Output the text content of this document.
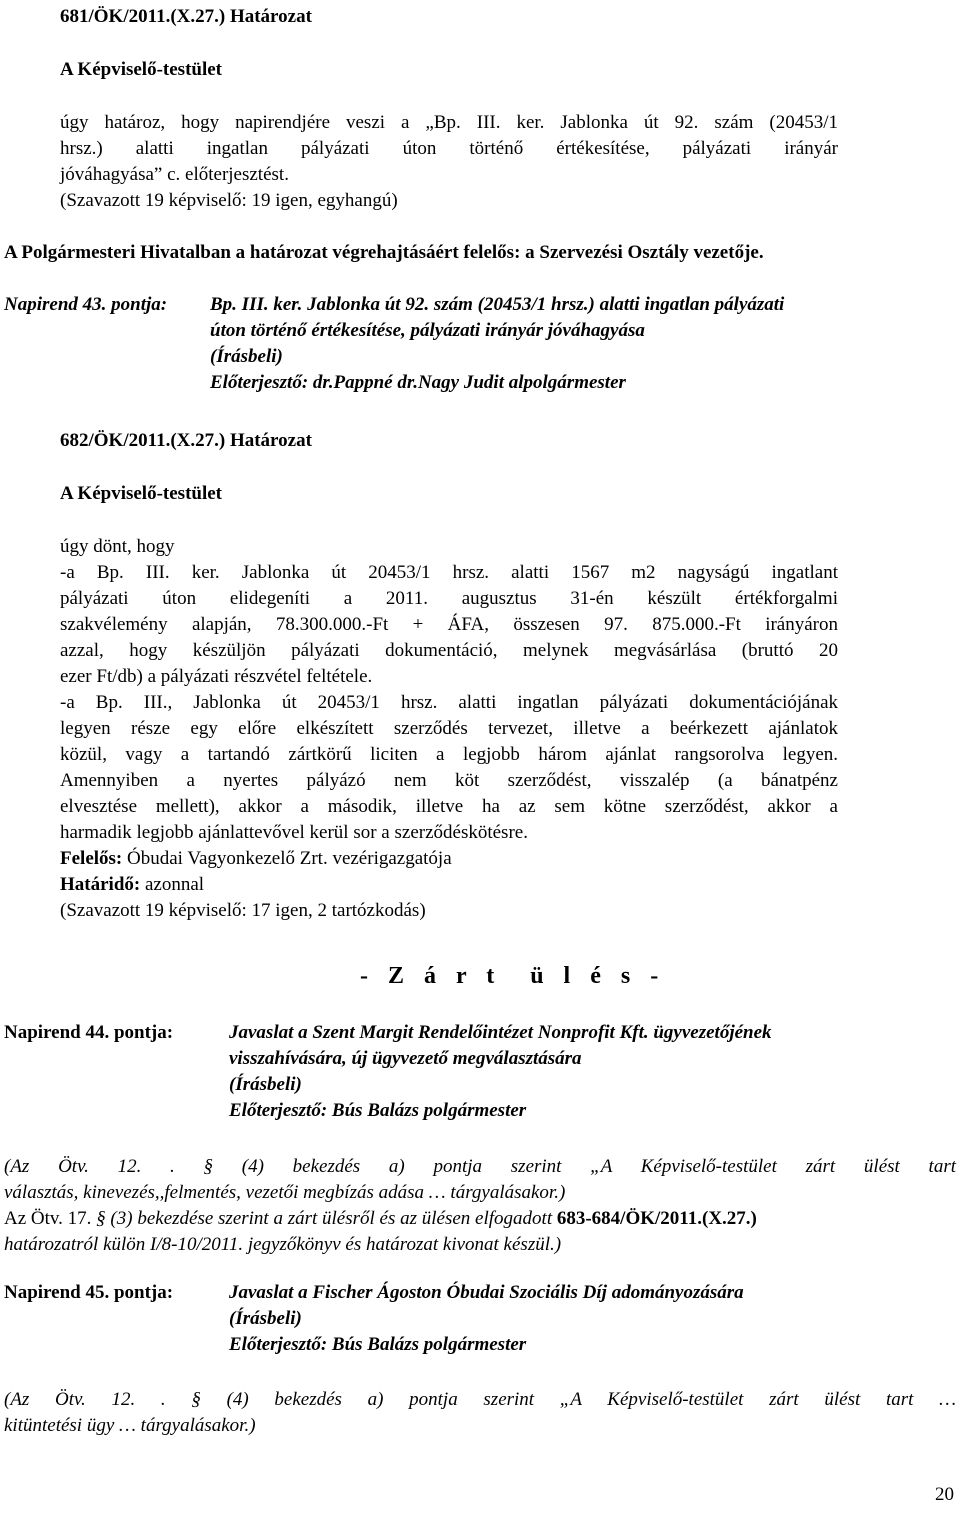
681/ÖK/2011.(X.27.) Határozat
A Képviselő-testület
úgy határoz, hogy napirendjére veszi a „Bp. III. ker. Jablonka út 92. szám (20453/1
hrsz.) alatti ingatlan pályázati úton történő értékesítése, pályázati irányár
jóváhagyása” c. előterjesztést.
(Szavazott 19 képviselő: 19 igen, egyhangú)
A Polgármesteri Hivatalban a határozat végrehajtásáért felelős: a Szervezési Osztály vezetője.
Napirend 43. pontja: Bp. III. ker. Jablonka út 92. szám (20453/1 hrsz.) alatti ingatlan pályázati
úton történő értékesítése, pályázati irányár jóváhagyása
(Írásbeli)
Előterjesztő: dr.Pappné dr.Nagy Judit alpolgármester
682/ÖK/2011.(X.27.) Határozat
A Képviselő-testület
úgy dönt, hogy
-a Bp. III. ker. Jablonka út 20453/1 hrsz. alatti 1567 m2 nagyságú ingatlant
pályázati úton elidegeníti a 2011. augusztus 31-én készült értékforgalmi
szakvélemény alapján, 78.300.000.-Ft + ÁFA, összesen 97. 875.000.-Ft irányáron
azzal, hogy készüljön pályázati dokumentáció, melynek megvásárlása (bruttó 20
ezer Ft/db) a pályázati részvétel feltétele.
-a Bp. III., Jablonka út 20453/1 hrsz. alatti ingatlan pályázati dokumentációjának
legyen része egy előre elkészített szerződés tervezet, illetve a beérkezett ajánlatok
közül, vagy a tartandó zártkörű liciten a legjobb három ajánlat rangsorolva legyen.
Amennyiben a nyertes pályázó nem köt szerződést, visszalép (a bánatpénz
elvesztése mellett), akkor a második, illetve ha az sem kötne szerződést, akkor a
harmadik legjobb ajánlattevővel kerül sor a szerződéskötésre.
Felelős: Óbudai Vagyonkezelő Zrt. vezérigazgatója
Határidő: azonnal
(Szavazott 19 képviselő: 17 igen, 2 tartózkodás)
- Z á r t  ü l é s -
Napirend 44. pontja:	Javaslat a Szent Margit Rendelőintézet Nonprofit Kft. ügyvezetőjének
visszahívására, új ügyvezető megválasztására
(Írásbeli)
Előterjesztő: Bús Balázs polgármester
(Az Ötv. 12. . § (4) bekezdés a) pontja szerint „A Képviselő-testület zárt ülést tart
választás, kinevezés,,felmentés, vezetői megbízás adása … tárgyalásakor.)
Az Ötv. 17. § (3) bekezdése szerint a zárt ülésről és az ülésen elfogadott 683-684/ÖK/2011.(X.27.)
határozatról külön I/8-10/2011. jegyzőkönyv és határozat kivonat készül.)
Napirend 45. pontja:	Javaslat a Fischer Ágoston Óbudai Szociális Díj adományozására
(Írásbeli)
Előterjesztő: Bús Balázs polgármester
(Az Ötv. 12. . § (4) bekezdés a) pontja szerint „A Képviselő-testület zárt ülést tart …
kitüntetési ügy … tárgyalásakor.)
20
